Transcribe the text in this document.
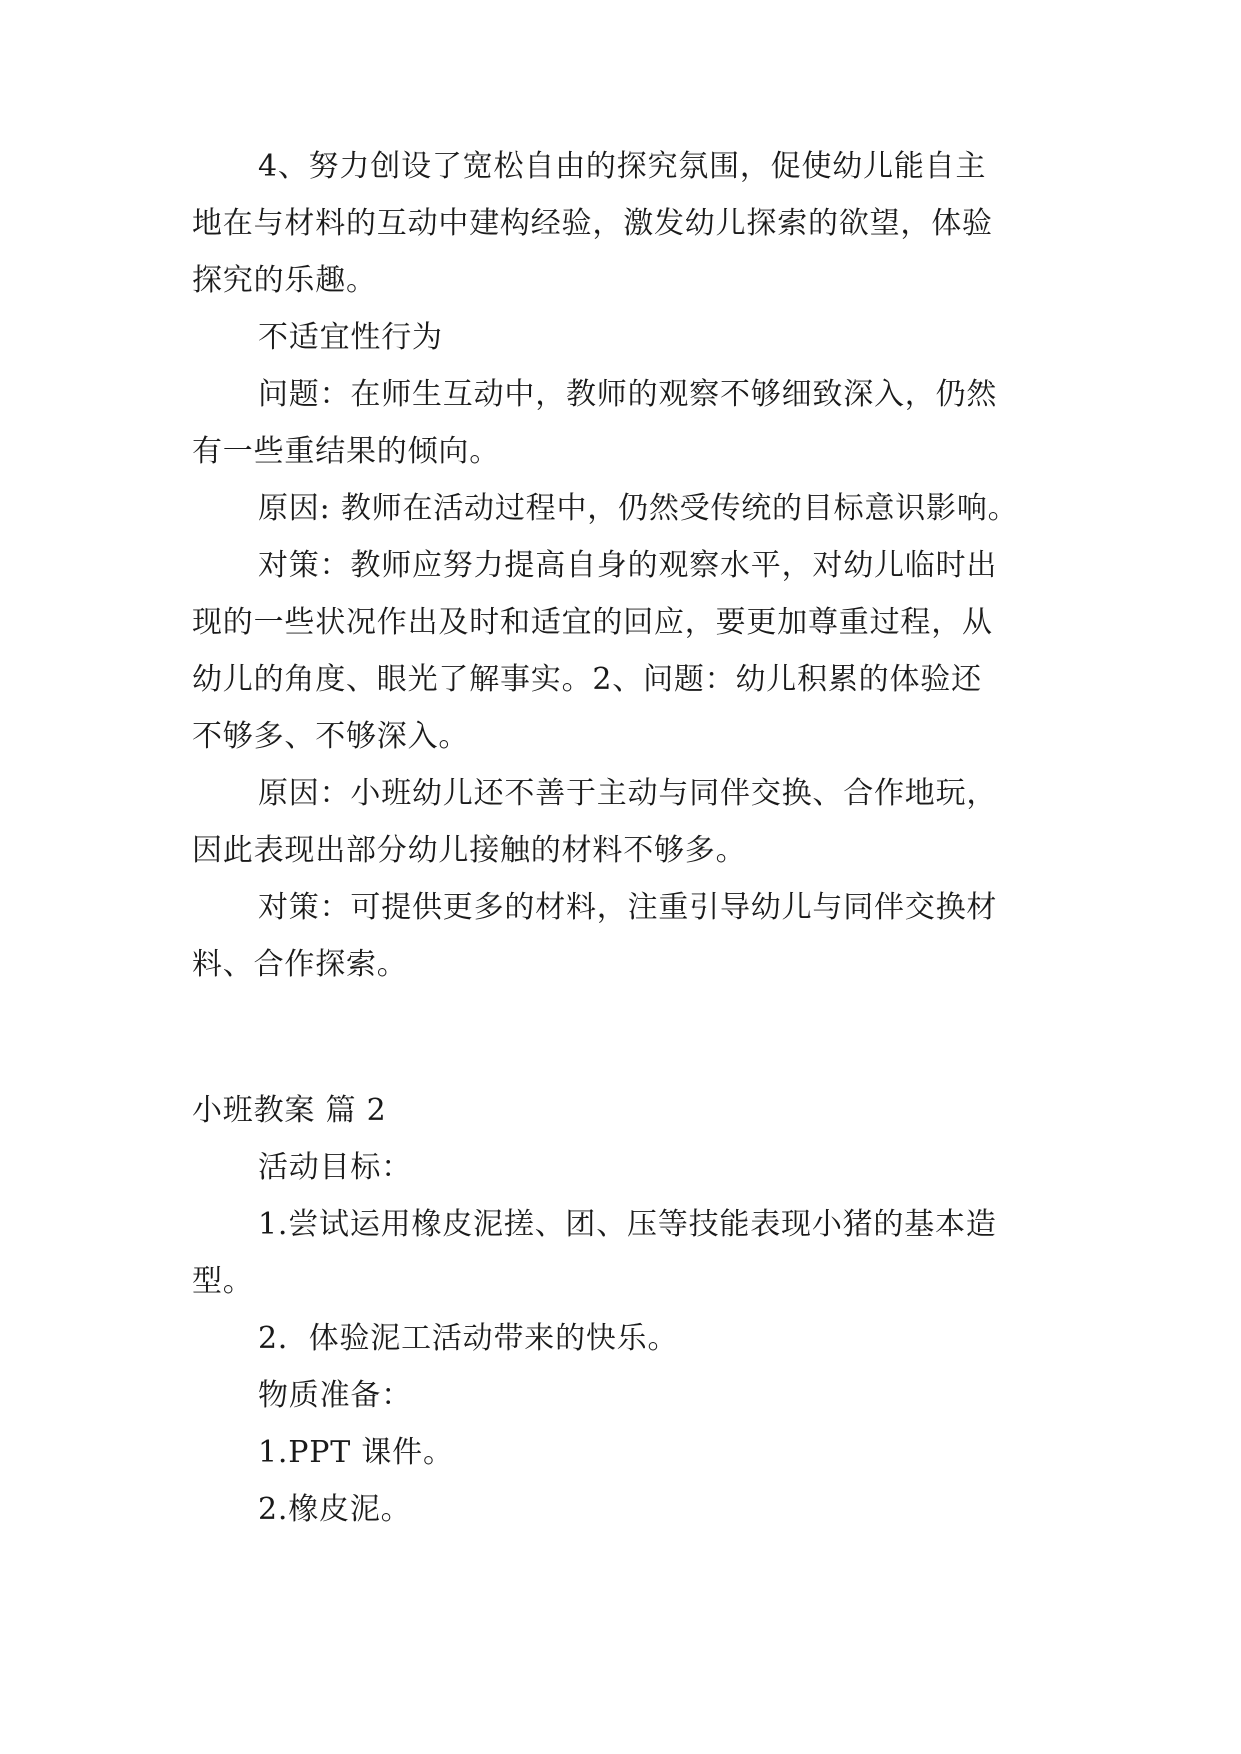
4、努力创设了宽松自由的探究氛围，促使幼儿能自主
地在与材料的互动中建构经验，激发幼儿探索的欲望，体验
探究的乐趣。
不适宜性行为
问题：在师生互动中，教师的观察不够细致深入，仍然
有一些重结果的倾向。
原因: 教师在活动过程中，仍然受传统的目标意识影响。
对策：教师应努力提高自身的观察水平，对幼儿临时出
现的一些状况作出及时和适宜的回应，要更加尊重过程，从
幼儿的角度、眼光了解事实。2、问题：幼儿积累的体验还
不够多、不够深入。
原因：小班幼儿还不善于主动与同伴交换、合作地玩，
因此表现出部分幼儿接触的材料不够多。
对策：可提供更多的材料，注重引导幼儿与同伴交换材
料、合作探索。
小班教案 篇 2
活动目标：
1.尝试运用橡皮泥搓、团、压等技能表现小猪的基本造
型。
2．体验泥工活动带来的快乐。
物质准备：
1.PPT 课件。
2.橡皮泥。
